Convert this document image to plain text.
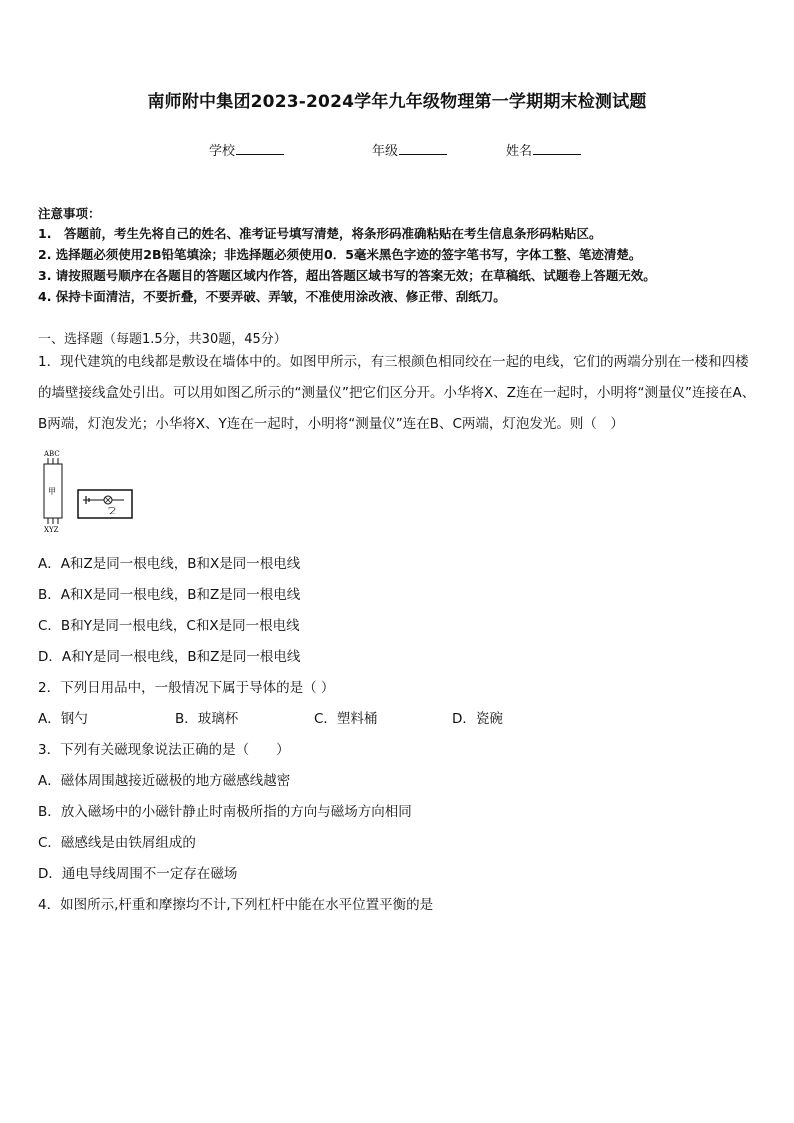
南师附中集团2023-2024学年九年级物理第一学期期末检测试题
学校	年级	姓名
注意事项：
1.　答题前，考生先将自己的姓名、准考证号填写清楚，将条形码准确粘贴在考生信息条形码粘贴区。
2. 选择题必须使用2B铅笔填涂；非选择题必须使用0．5毫米黑色字迹的签字笔书写，字体工整、笔迹清楚。
3. 请按照题号顺序在各题目的答题区域内作答，超出答题区域书写的答案无效；在草稿纸、试题卷上答题无效。
4. 保持卡面清洁，不要折叠，不要弄破、弄皱，不准使用涂改液、修正带、刮纸刀。
一、选择题（每题1.5分，共30题，45分）
1．现代建筑的电线都是敷设在墙体中的。如图甲所示，有三根颜色相同绞在一起的电线，它们的两端分别在一楼和四楼的墙壁接线盒处引出。可以用如图乙所示的“测量仪”把它们区分开。小华将X、Z连在一起时，小明将“测量仪”连接在A、B两端，灯泡发光；小华将X、Y连在一起时，小明将“测量仪”连在B、C两端，灯泡发光。则（　）
ABC
甲
XYZ
乙
A．A和Z是同一根电线，B和X是同一根电线
B．A和X是同一根电线，B和Z是同一根电线
C．B和Y是同一根电线，C和X是同一根电线
D．A和Y是同一根电线，B和Z是同一根电线
2．下列日用品中，一般情况下属于导体的是（ ）
A．钢勺	B．玻璃杯	C．塑料桶	D．瓷碗
3．下列有关磁现象说法正确的是（　　）
A．磁体周围越接近磁极的地方磁感线越密
B．放入磁场中的小磁针静止时南极所指的方向与磁场方向相同
C．磁感线是由铁屑组成的
D．通电导线周围不一定存在磁场
4．如图所示,杆重和摩擦均不计,下列杠杆中能在水平位置平衡的是
